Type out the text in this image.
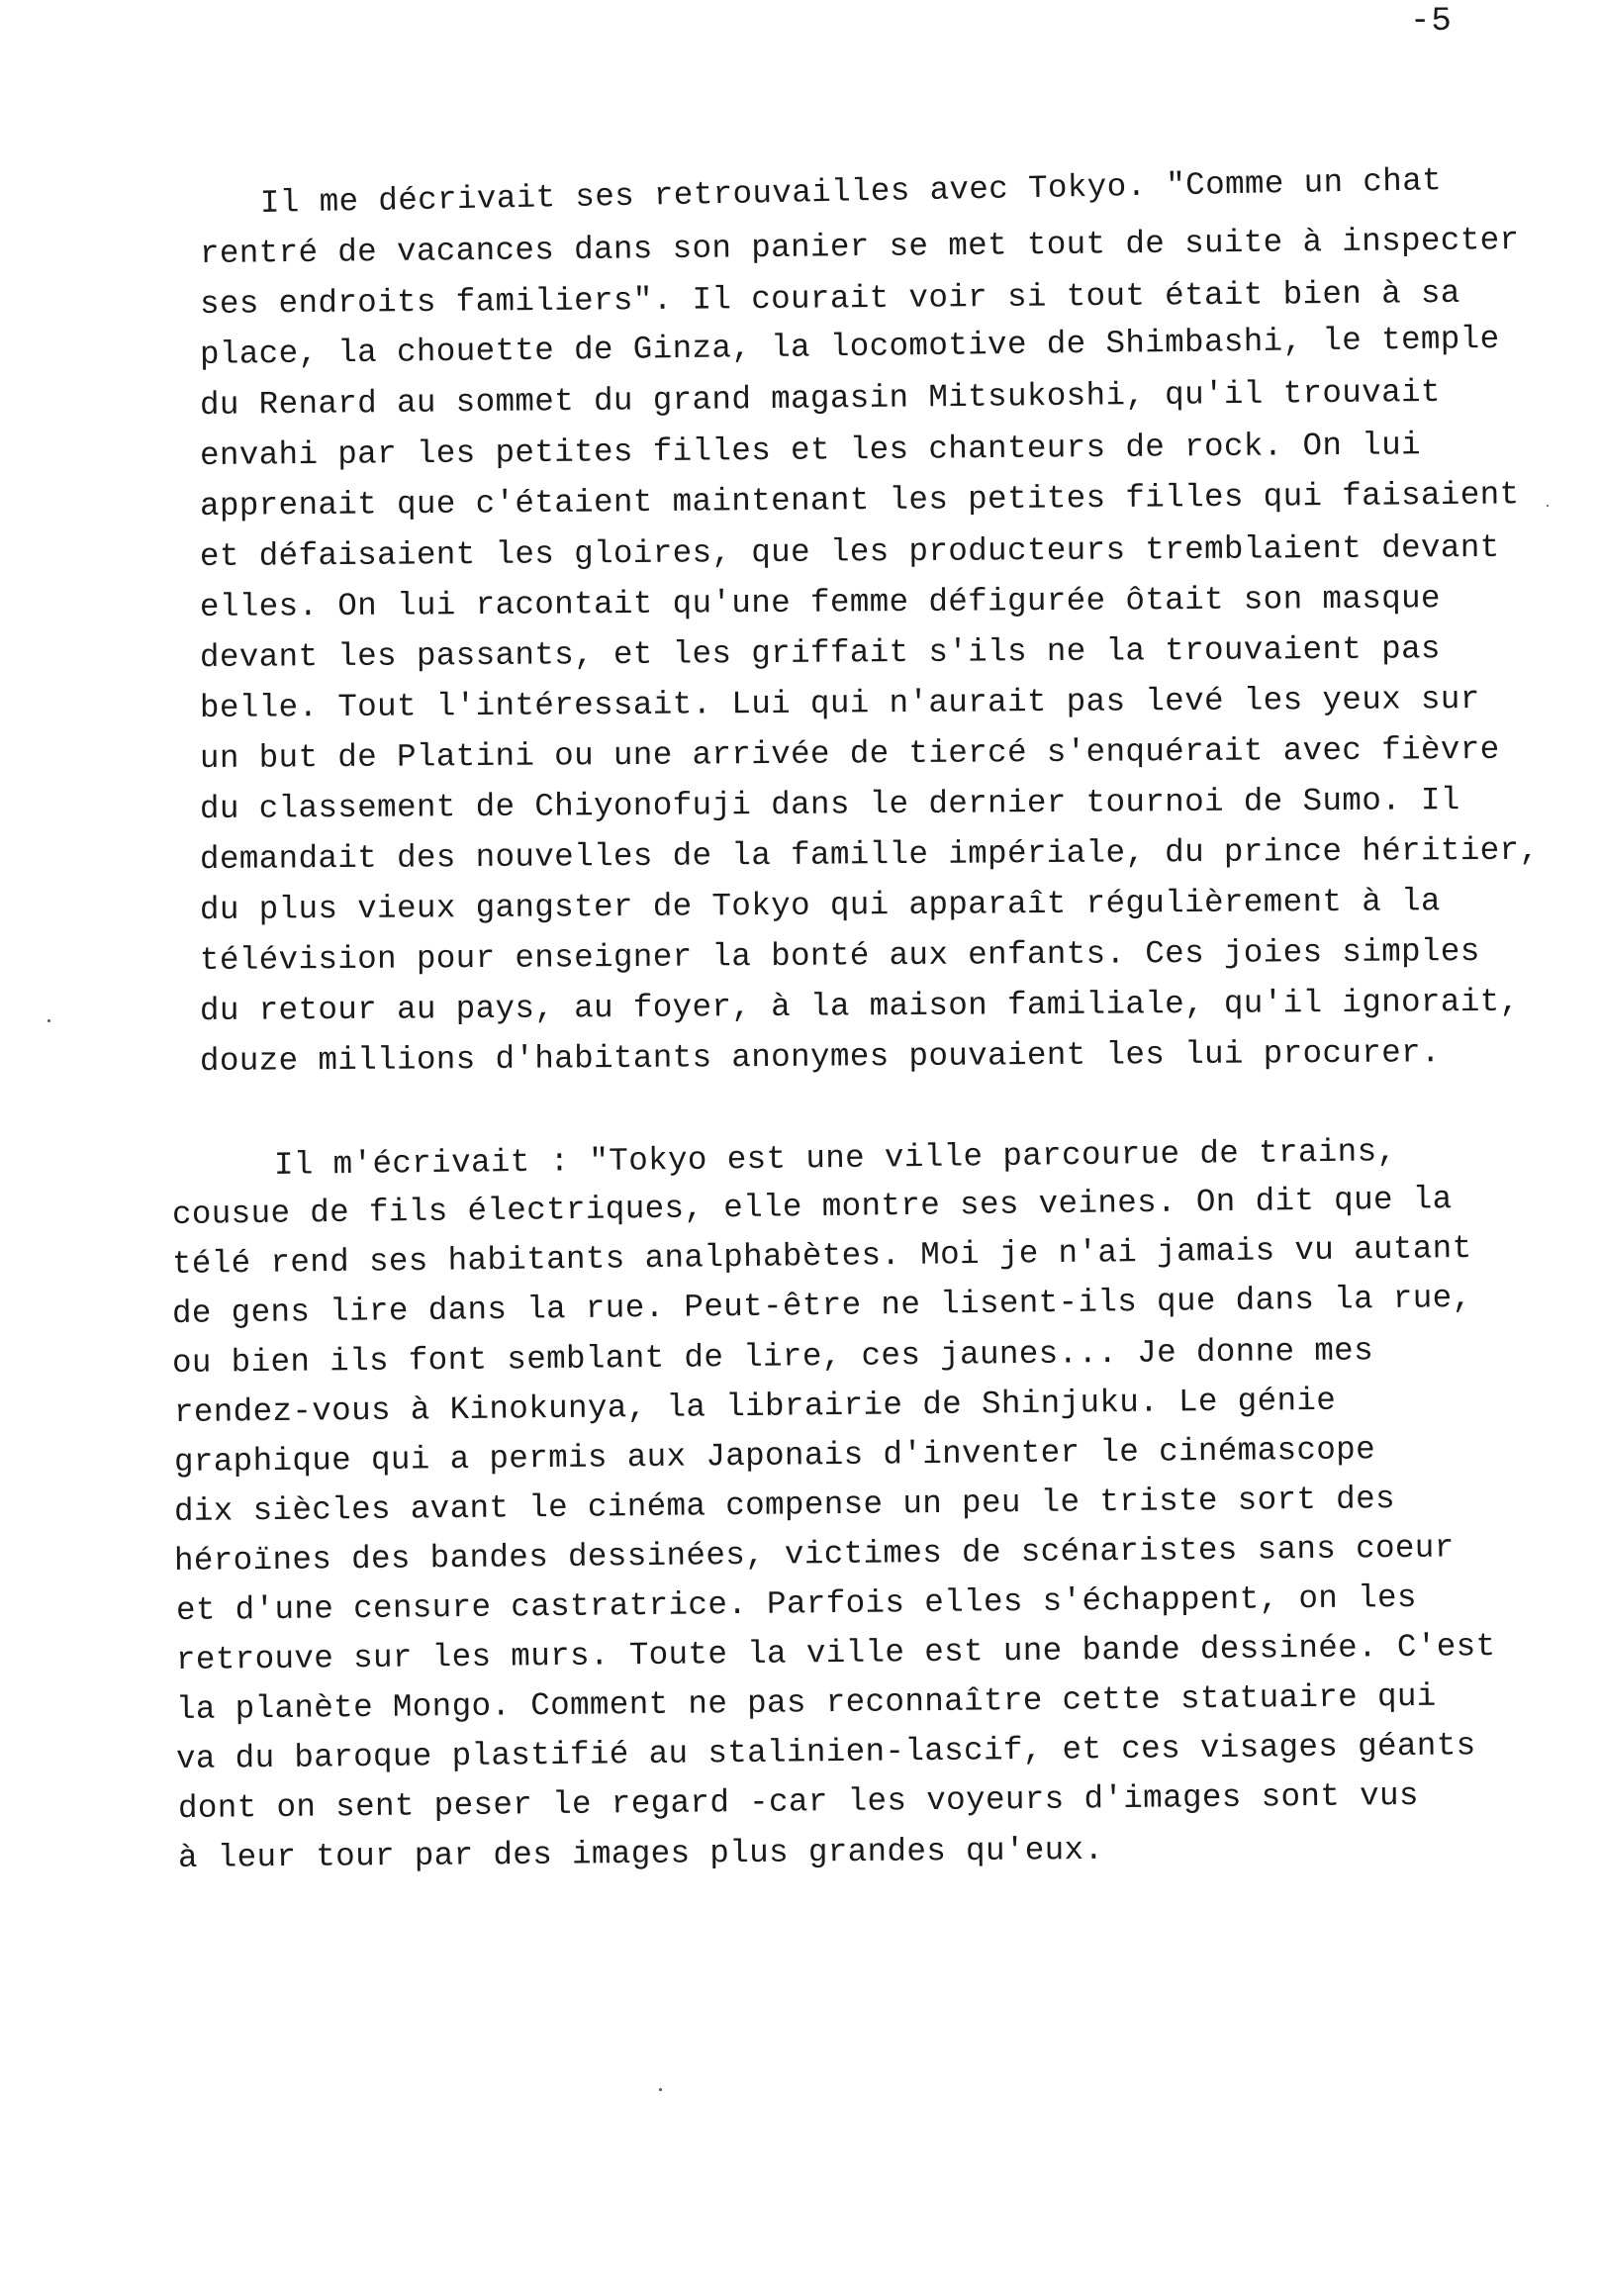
-5
Il me décrivait ses retrouvailles avec Tokyo. "Comme un chat
rentré de vacances dans son panier se met tout de suite à inspecter
ses endroits familiers". Il courait voir si tout était bien à sa
place, la chouette de Ginza, la locomotive de Shimbashi, le temple
du Renard au sommet du grand magasin Mitsukoshi, qu'il trouvait
envahi par les petites filles et les chanteurs de rock. On lui
apprenait que c'étaient maintenant les petites filles qui faisaient
et défaisaient les gloires, que les producteurs tremblaient devant
elles. On lui racontait qu'une femme défigurée ôtait son masque
devant les passants, et les griffait s'ils ne la trouvaient pas
belle. Tout l'intéressait. Lui qui n'aurait pas levé les yeux sur
un but de Platini ou une arrivée de tiercé s'enquérait avec fièvre
du classement de Chiyonofuji dans le dernier tournoi de Sumo. Il
demandait des nouvelles de la famille impériale, du prince héritier,
du plus vieux gangster de Tokyo qui apparaît régulièrement à la
télévision pour enseigner la bonté aux enfants. Ces joies simples
du retour au pays, au foyer, à la maison familiale, qu'il ignorait,
douze millions d'habitants anonymes pouvaient les lui procurer.
Il m'écrivait : "Tokyo est une ville parcourue de trains,
cousue de fils électriques, elle montre ses veines. On dit que la
télé rend ses habitants analphabètes. Moi je n'ai jamais vu autant
de gens lire dans la rue. Peut-être ne lisent-ils que dans la rue,
ou bien ils font semblant de lire, ces jaunes... Je donne mes
rendez-vous à Kinokunya, la librairie de Shinjuku. Le génie
graphique qui a permis aux Japonais d'inventer le cinémascope
dix siècles avant le cinéma compense un peu le triste sort des
héroïnes des bandes dessinées, victimes de scénaristes sans coeur
et d'une censure castratrice. Parfois elles s'échappent, on les
retrouve sur les murs. Toute la ville est une bande dessinée. C'est
la planète Mongo. Comment ne pas reconnaître cette statuaire qui
va du baroque plastifié au stalinien-lascif, et ces visages géants
dont on sent peser le regard -car les voyeurs d'images sont vus
à leur tour par des images plus grandes qu'eux.
